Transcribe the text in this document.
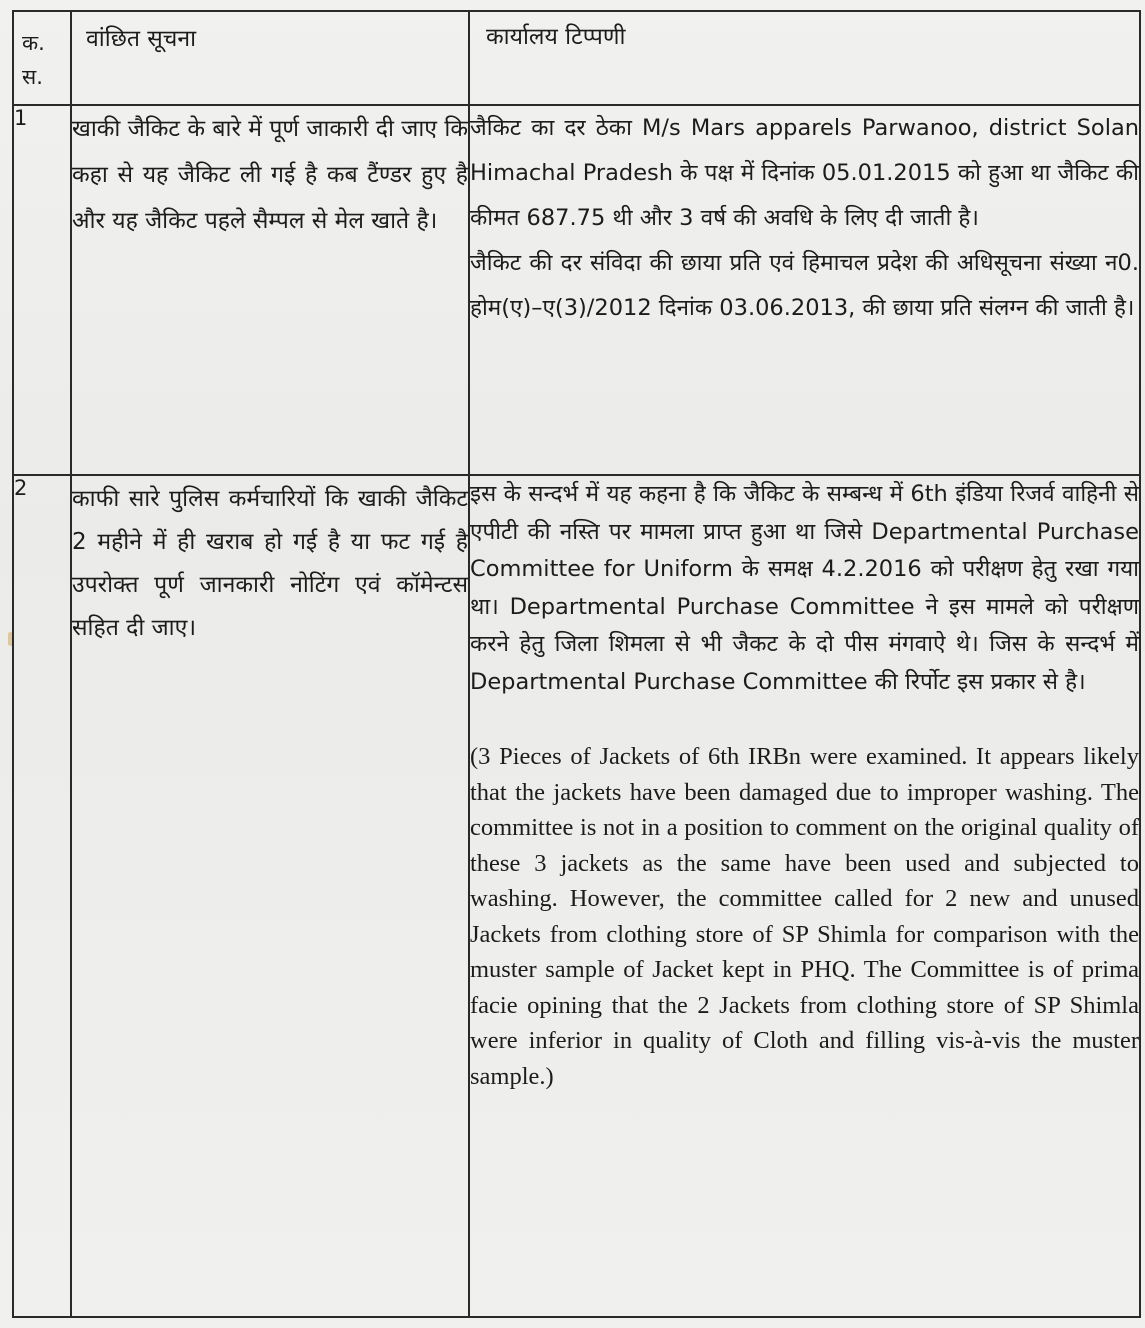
क. स.	वांछित सूचना	कार्यालय टिप्पणी
1	खाकी जैकिट के बारे में पूर्ण जाकारी दी जाए कि कहा से यह जैकिट ली गई है कब टैंण्डर हुए है और यह जैकिट पहले सैम्पल से मेल खाते है।	जैकिट का दर ठेका M/s Mars apparels Parwanoo, district Solan Himachal Pradesh के पक्ष में दिनांक 05.01.2015 को हुआ था जैकिट की कीमत 687.75 थी और 3 वर्ष की अवधि के लिए दी जाती है।

जैकिट की दर संविदा की छाया प्रति एवं हिमाचल प्रदेश की अधिसूचना संख्या न0. होम(ए)–ए(3)/2012 दिनांक 03.06.2013, की छाया प्रति संलग्न की जाती है।

2	काफी सारे पुलिस कर्मचारियों कि खाकी जैकिट 2 महीने में ही खराब हो गई है या फट गई है उपरोक्त पूर्ण जानकारी नोटिंग एवं कॉमेन्टस सहित दी जाए।	इस के सन्दर्भ में यह कहना है कि जैकिट के सम्बन्ध में 6th इंडिया रिजर्व वाहिनी से एपीटी की नस्ति पर मामला प्राप्त हुआ था जिसे Departmental Purchase Committee for Uniform के समक्ष 4.2.2016 को परीक्षण हेतु रखा गया था। Departmental Purchase Committee ने इस मामले को परीक्षण करने हेतु जिला शिमला से भी जैकट के दो पीस मंगवाऐ थे। जिस के सन्दर्भ में Departmental Purchase Committee की रिर्पोट इस प्रकार से है।

(3 Pieces of Jackets of 6th IRBn were examined. It appears likely that the jackets have been damaged due to improper washing. The committee is not in a position to comment on the original quality of these 3 jackets as the same have been used and subjected to washing. However, the committee called for 2 new and unused Jackets from clothing store of SP Shimla for comparison with the muster sample of Jacket kept in PHQ. The Committee is of prima facie opining that the 2 Jackets from clothing store of SP Shimla were inferior in quality of Cloth and filling vis-à-vis the muster sample.)
